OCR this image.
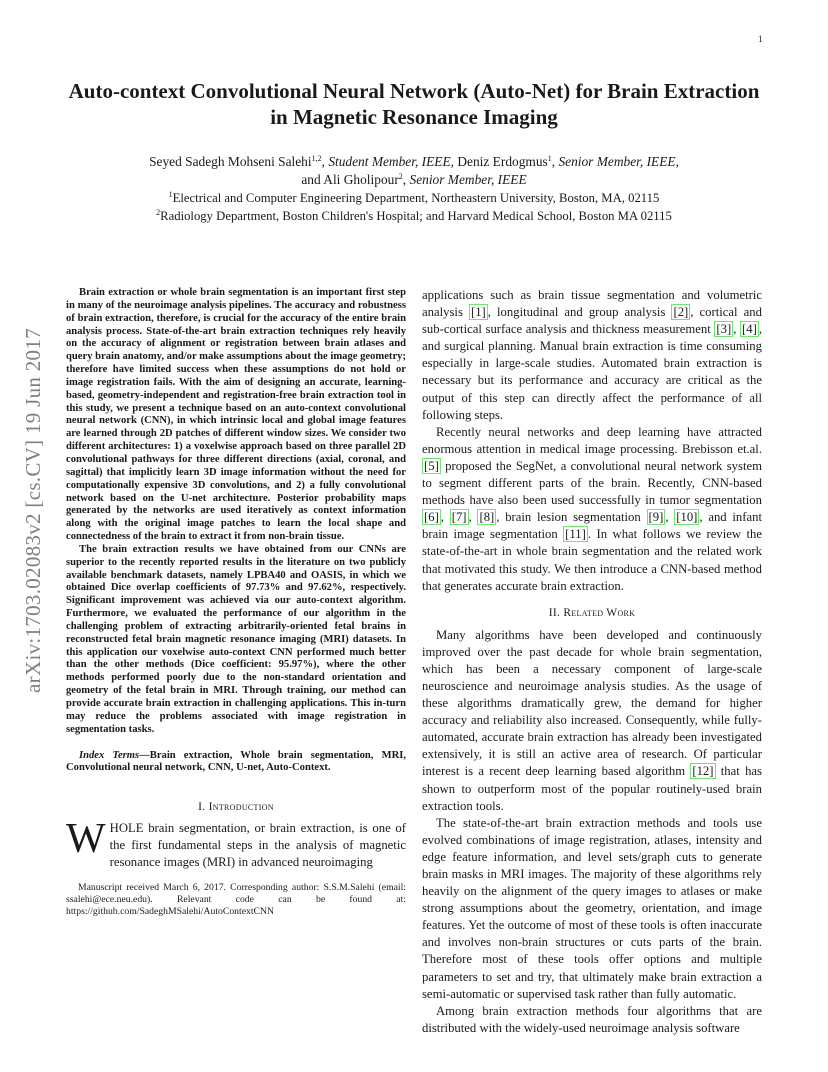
1
arXiv:1703.02083v2 [cs.CV] 19 Jun 2017
Auto-context Convolutional Neural Network (Auto-Net) for Brain Extraction in Magnetic Resonance Imaging
Seyed Sadegh Mohseni Salehi$^{1,2}$, Student Member, IEEE, Deniz Erdogmus$^1$, Senior Member, IEEE,
and Ali Gholipour$^2$, Senior Member, IEEE
$^1$Electrical and Computer Engineering Department, Northeastern University, Boston, MA, 02115
$^2$Radiology Department, Boston Children's Hospital; and Harvard Medical School, Boston MA 02115

Brain extraction or whole brain segmentation is an important first step in many of the neuroimage analysis pipelines. The accuracy and robustness of brain extraction, therefore, is crucial for the accuracy of the entire brain analysis process. State-of-the-art brain extraction techniques rely heavily on the accuracy of alignment or registration between brain atlases and query brain anatomy, and/or make assumptions about the image geometry; therefore have limited success when these assumptions do not hold or image registration fails. With the aim of designing an accurate, learning-based, geometry-independent and registration-free brain extraction tool in this study, we present a technique based on an auto-context convolutional neural network (CNN), in which intrinsic local and global image features are learned through 2D patches of different window sizes. We consider two different architectures: 1) a voxelwise approach based on three parallel 2D convolutional pathways for three different directions (axial, coronal, and sagittal) that implicitly learn 3D image information without the need for computationally expensive 3D convolutions, and 2) a fully convolutional network based on the U-net architecture. Posterior probability maps generated by the networks are used iteratively as context information along with the original image patches to learn the local shape and connectedness of the brain to extract it from non-brain tissue.

The brain extraction results we have obtained from our CNNs are superior to the recently reported results in the literature on two publicly available benchmark datasets, namely LPBA40 and OASIS, in which we obtained Dice overlap coefficients of 97.73% and 97.62%, respectively. Significant improvement was achieved via our auto-context algorithm. Furthermore, we evaluated the performance of our algorithm in the challenging problem of extracting arbitrarily-oriented fetal brains in reconstructed fetal brain magnetic resonance imaging (MRI) datasets. In this application our voxelwise auto-context CNN performed much better than the other methods (Dice coefficient: 95.97%), where the other methods performed poorly due to the non-standard orientation and geometry of the fetal brain in MRI. Through training, our method can provide accurate brain extraction in challenging applications. This in-turn may reduce the problems associated with image registration in segmentation tasks.

Index Terms—Brain extraction, Whole brain segmentation, MRI, Convolutional neural network, CNN, U-net, Auto-Context.

I. Introduction

WHOLE brain segmentation, or brain extraction, is one of the first fundamental steps in the analysis of magnetic resonance images (MRI) in advanced neuroimaging

Manuscript received March 6, 2017. Corresponding author: S.S.M.Salehi (email: ssalehi@ece.neu.edu). Relevant code can be found at: https://github.com/SadeghMSalehi/AutoContextCNN

applications such as brain tissue segmentation and volumetric analysis [1] , longitudinal and group analysis [2] , cortical and sub-cortical surface analysis and thickness measurement [3] , [4] , and surgical planning. Manual brain extraction is time consuming especially in large-scale studies. Automated brain extraction is necessary but its performance and accuracy are critical as the output of this step can directly affect the performance of all following steps.

Recently neural networks and deep learning have attracted enormous attention in medical image processing. Brebisson et.al. [5] proposed the SegNet, a convolutional neural network system to segment different parts of the brain. Recently, CNN-based methods have also been used successfully in tumor segmentation [6] , [7] , [8] , brain lesion segmentation [9] , [10] , and infant brain image segmentation [11] . In what follows we review the state-of-the-art in whole brain segmentation and the related work that motivated this study. We then introduce a CNN-based method that generates accurate brain extraction.

II. Related Work

Many algorithms have been developed and continuously improved over the past decade for whole brain segmentation, which has been a necessary component of large-scale neuroscience and neuroimage analysis studies. As the usage of these algorithms dramatically grew, the demand for higher accuracy and reliability also increased. Consequently, while fully-automated, accurate brain extraction has already been investigated extensively, it is still an active area of research. Of particular interest is a recent deep learning based algorithm [12] that has shown to outperform most of the popular routinely-used brain extraction tools.

The state-of-the-art brain extraction methods and tools use evolved combinations of image registration, atlases, intensity and edge feature information, and level sets/graph cuts to generate brain masks in MRI images. The majority of these algorithms rely heavily on the alignment of the query images to atlases or make strong assumptions about the geometry, orientation, and image features. Yet the outcome of most of these tools is often inaccurate and involves non-brain structures or cuts parts of the brain. Therefore most of these tools offer options and multiple parameters to set and try, that ultimately make brain extraction a semi-automatic or supervised task rather than fully automatic.

Among brain extraction methods four algorithms that are distributed with the widely-used neuroimage analysis software
